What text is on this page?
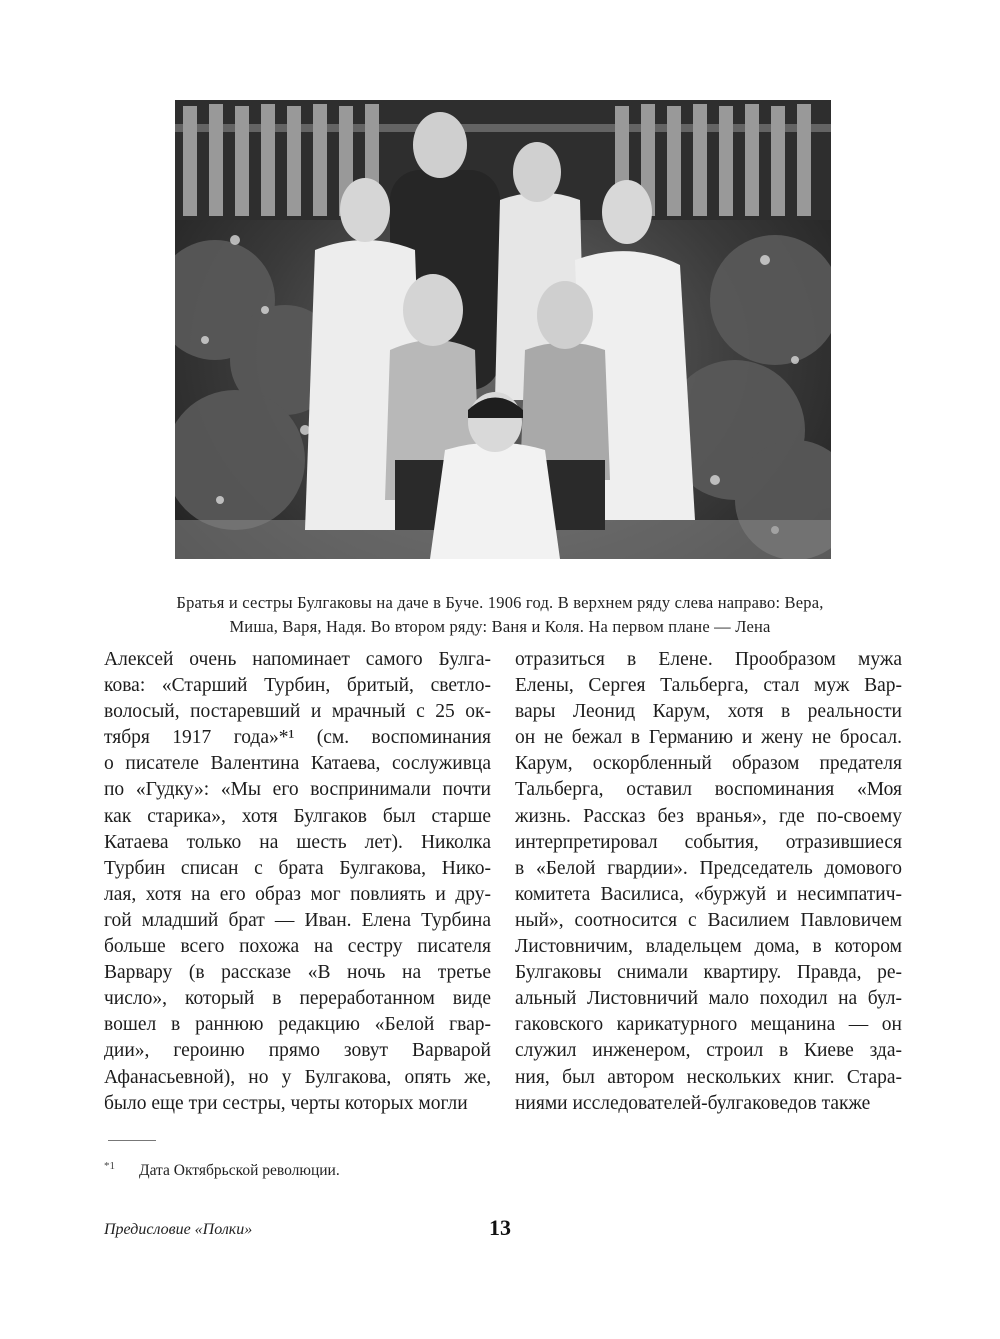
Братья и сестры Булгаковы на даче в Буче. 1906 год. В верхнем ряду слева направо: Вера,
Миша, Варя, Надя. Во втором ряду: Ваня и Коля. На первом плане — Лена
Алексей очень напоминает самого Булга-
кова: «Старший Турбин, бритый, светло-
волосый, постаревший и мрачный с 25 ок-
тября 1917 года»*¹ (см. воспоминания
о писателе Валентина Катаева, сослуживца
по «Гудку»: «Мы его воспринимали почти
как старика», хотя Булгаков был старше
Катаева только на шесть лет). Николка
Турбин списан с брата Булгакова, Нико-
лая, хотя на его образ мог повлиять и дру-
гой младший брат — Иван. Елена Турбина
больше всего похожа на сестру писателя
Варвару (в рассказе «В ночь на третье
число», который в переработанном виде
вошел в раннюю редакцию «Белой гвар-
дии», героиню прямо зовут Варварой
Афанасьевной), но у Булгакова, опять же,
было еще три сестры, черты которых могли
отразиться в Елене. Прообразом мужа
Елены, Сергея Тальберга, стал муж Вар-
вары Леонид Карум, хотя в реальности
он не бежал в Германию и жену не бросал.
Карум, оскорбленный образом предателя
Тальберга, оставил воспоминания «Моя
жизнь. Рассказ без вранья», где по-своему
интерпретировал события, отразившиеся
в «Белой гвардии». Председатель домового
комитета Василиса, «буржуй и несимпатич-
ный», соотносится с Василием Павловичем
Листовничим, владельцем дома, в котором
Булгаковы снимали квартиру. Правда, ре-
альный Листовничий мало походил на бул-
гаковского карикатурного мещанина — он
служил инженером, строил в Киеве зда-
ния, был автором нескольких книг. Стара-
ниями исследователей-булгаковедов также
$^{*1}$ Дата Октябрьской революции.
Предисловие «Полки»	13
